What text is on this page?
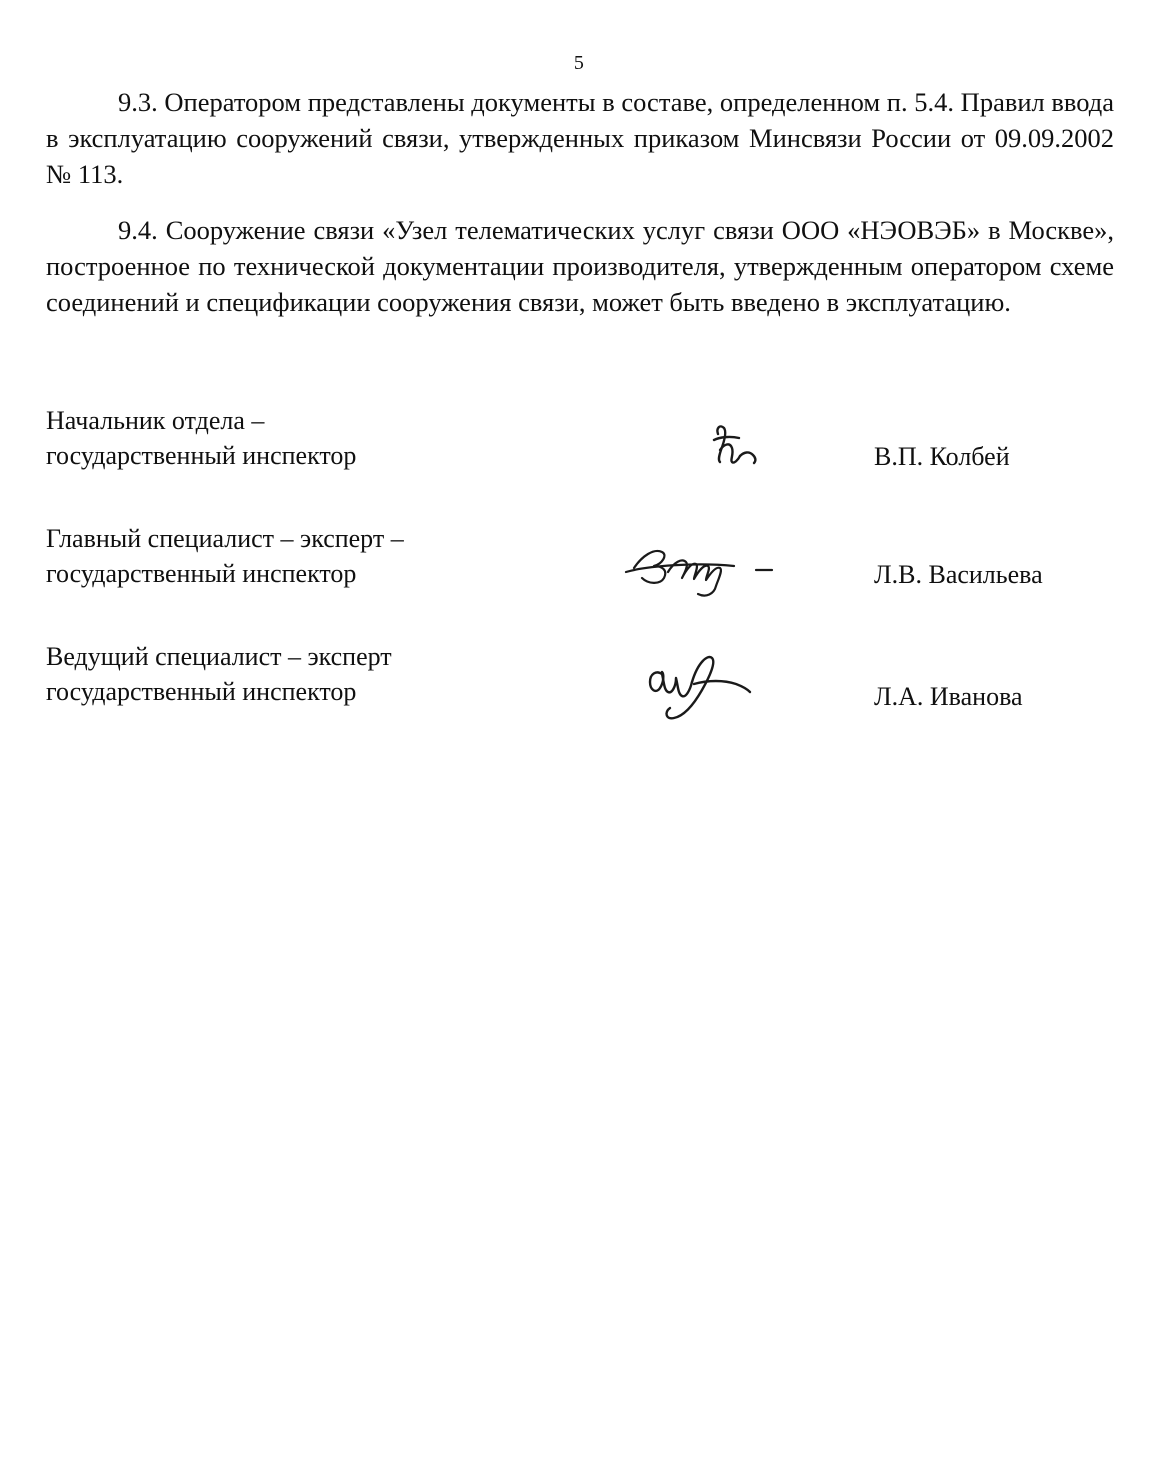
5

9.3. Оператором представлены документы в составе, определенном п. 5.4. Правил ввода в эксплуатацию сооружений связи, утвержденных приказом Минсвязи России от 09.09.2002 № 113.

9.4. Сооружение связи «Узел телематических услуг связи ООО «НЭОВЭБ» в Москве», построенное по технической документации производителя, утвержденным оператором схеме соединений и спецификации сооружения связи, может быть введено в эксплуатацию.

Начальник отдела –
государственный инспектор	В.П. Колбей
Главный специалист – эксперт –
государственный инспектор	Л.В. Васильева
Ведущий специалист – эксперт
государственный инспектор	Л.А. Иванова
